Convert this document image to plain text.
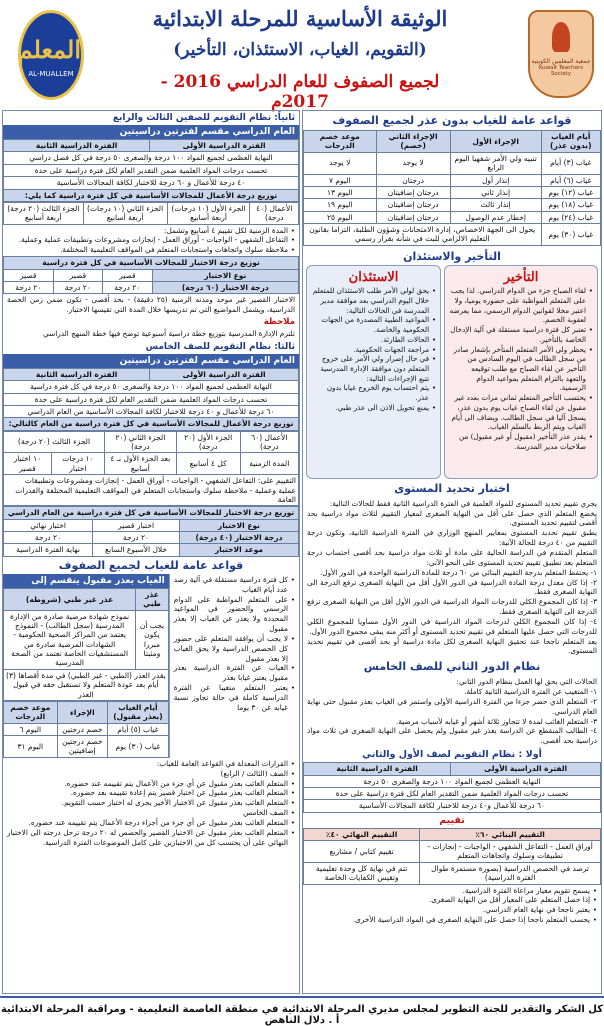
جمعية المعلمين الكويتية
Kuwait Teachers Society
الوثيقة الأساسية للمرحلة الابتدائية
(التقويم، الغياب، الاستئذان، التأخير)
لجميع الصفوف للعام الدراسي 2016 - 2017م
المعلم
AL-MUALLEM
قواعد عامة للغياب بدون عذر لجميع الصفوف
أيام الغياب (بدون عذر)	الإجراء الأول	الإجراء الثاني (خصم)	موعد خصم الدرجات
غياب (٣) أيام	تنبيه ولي الأمر شفهيا اليوم الرابع	لا يوجد	لا يوجد
غياب (٦) أيام	إنذار أول	درجتان	اليوم ٧
غياب (١٢) يوم	إنذار ثاني	درجتان إضافيتان	اليوم ١٣
غياب (١٨) يوم	إنذار ثالث	درجتان إضافيتان	اليوم ١٩
غياب (٢٤) يوم	إخطار عدم الوصول	درجتان إضافيتان	اليوم ٢٥
غياب (٣٠) يوم	يحول الى الجهة الاخصاص، إدارة الامتحانات وشؤون الطلبة، التزاما بقانون التعليم الالزامي للبت في شأنه بقرار رسمي		
التأخير والاستئذان
التأخير
• لقاء الصباح جزء من الدوام الدراسي. لذا يجب على المتعلم المواظبة على حضوره يوميا، ولا اعتبر مخلا لقوانين الدوام الرسمي، مما يعرضه لعقوبة الخصم.
• تعتبر كل فترة دراسية مستقلة في آلية الإدخال الخاصة بالتأخير.
• يحظر ولي الأمر المتعلم المتأخر بإشعار صادر من سجل الطالب في اليوم السادس من التأخير عن لقاء الصباح مع طلب توقيعه والتعهد بالتزام المتعلم بمواعيد الدوام الرسمية.
• يحتسب التأخير المتعلم ثماني مرات بعدد غير مقبول عن لقاء الصباح غياب يوم بدون عذر، يسجل آليا في سجل الطالب. ويضاف الى أيام الغياب ويتم الربط بالسلم الغياب.
• يقدر عذر التأخير (مقبول أو غير مقبول) من صلاحيات مدير المدرسة.
الاستئذان
• يحق لولي الأمر طلب الاستئذان للمتعلم خلال اليوم الدراسي بعد موافقة مدير المدرسة في الحالات التالية:
• المواعيد الطبية المصدرة من الجهات الحكومية والخاصة.
• الحالات الطارئة.
• مراجعة الجهات الحكومية.
• في حال إصرار ولي الأمر على خروج المتعلم دون موافقة الإدارة المدرسية تتبع الإجراءات التالية:
• يتم احتساب يوم الخروج غيابا بدون عذر.
• يمنع تحويل الاذن الى عذر طبي.
اختبار تحديد المستوى
يجري تقييم تحديد المستوى للمواد العلمية في الفترة الدراسية الثانية فقط للحالات التالية:
يخضع المتعلم الذي حصل على أقل من النهاية الصغرى لمعيار التقييم لثلاث مواد دراسية بحد أقصى لتقييم تحديد المستوى.
يطبق تقييم تحديد المستوى بمعايير المنهج الوزاري في الفترة الدراسية الثانية، وتكون درجة التقييم من ٤٠ درجة للحالة الآتية:
المتعلم المتقدم في الدراسة الحالية على مادة أو ثلاث مواد دراسية بحد أقصى احتساب درجة المتعلم بعد تطبيق تقييم تحديد المستوى على النحو الآتي:
١- يحتفظ المتعلم بدرجة التقييم البنائي من ٦٠ درجة للمادة الدراسية الواحدة في الدور الأول.
٢- إذا كان معدل درجة المادة الدراسية في الدور الأول أقل من النهاية الصغرى ترفع الدرجة الى النهاية الصغرى فقط.
٣- إذا كان المجموع الكلي للدرجات المواد الدراسية في الدور الأول أقل من النهاية الصغرى ترفع الدرجة الى النهاية الصغرى فقط.
٤- إذا كان المجموع الكلي لدرجات المواد الدراسية في الدور الأول مساويا للمجموع الكلي للدرجات التي حصل عليها المتعلم في تقييم تحديد المستوى أو أكثر منه يبقى مجموع الدور الأول.
يعد المتعلم ناجحا عند تحقيق النهاية الصغرى لكل مادة دراسية أو بحد أقصى في تقييم تحديد المستوى.
نظام الدور الثاني للصف الخامس
الحالات التي يحق لها العمل بنظام الدور الثاني:
١- المتغيب عن الفترة الدراسية الثانية كاملة.
٢- المتعلم الذي حضر جزءا من الفترة الدراسية الأولى واستمر في الغياب بعذر مقبول حتى نهاية العام الدراسي.
٣- المتعلم الغائب لمدة لا تتجاوز ثلاثة أشهر أو غيابه لأسباب مرضية.
٤- الطالب المنقطع عن الدراسة بعذر غير مقبول ولم يحصل على النهاية الصغرى في ثلاث مواد دراسية بحد أقصى.
أولا : نظام التقويم لصف الأول والثاني
الفترة الدراسية الأولى	الفترة الدراسية الثانية
النهاية العظمى لجميع المواد ١٠٠ درجة والصغرى ٥٠ درجة
تحسب درجات المواد العلمية ضمن التقدير العام لكل فترة دراسية على حدة
٦٠ درجة للأعمال و٤٠ درجة للاختبار لكافة المجالات الأساسية
تقييم
التقييم البنائي ٦٠٪	التقييم النهائي ٤٠٪
أوراق العمل - التفاعل الشفهي - الواجبات - إنجازات - تطبيقات وسلوك واتجاهات المتعلم	تقييم كتابي / مشاريع
ترصد في الحصص الدراسية (بصورة مستمرة طوال الفترة الدراسية)	تتم في نهاية كل وحدة تعليمية وتقيس الكفايات الخاصة
• يسمح تقويم معيار مراعاة الفترة الدراسية.
• إذا حصل المتعلم على المعيار أقل من النهاية الصغرى.
• يعتبر ناجحا في نهاية العام الدراسي.
• يحسب المتعلم ناجحا إذا حصل على النهاية الصغرى في المواد الدراسية الأخرى.
ثانياً: نظام التقويم للصفين الثالث والرابع
العام الدراسي مقسم لفترتين دراسيتين
الفترة الدراسية الأولى	الفترة الدراسية الثانية
النهاية العظمى لجميع المواد ١٠٠ درجة والصغرى ٥٠ درجة في كل فصل دراسي
تحسب درجات المواد العلمية ضمن التقدير العام لكل فترة دراسية على حدة
٤٠ درجة للأعمال و ٦٠ درجة للاختبار لكافة المجالات الأساسية
توزيع درجة الأعمال للمجالات الأساسية في كل فترة دراسية كما يلي:
الأعمال (٤٠ درجة)	الجزء الأول (١٠ درجات) أربعة أسابيع	الجزء الثاني (١٠ درجات) أربعة أسابيع	الجزء الثالث (٢٠ درجة) أربعة أسابيع
• المدة الزمنية لكل تقييم ٤ أسابيع وتشمل:
• التفاعل الشفهي - الواجبات - أوراق العمل - إنجازات ومشروعات وتطبيقات عملية وعملية.
• ملاحظة سلوك واتجاهات واستجابات المتعلم في المواقف التعليمية المختلفة.
توزيع درجة الاختبار للمجالات الأساسية في كل فترة دراسية			
نوع الاختبار	قصير	قصير	قصير
درجة الاختبار (٦٠ درجة)	٢٠ درجة	٢٠ درجة	٢٠ درجة
الاختبار القصير غير موحد ومدته الزمنية (٢٥ دقيقة) - بحد أقصى - تكون ضمن زمن الحصة الدراسية، ويشمل المواضيع التي تم تدريسها خلال المدة التي تقيسها الاختبار.
ملاحظة
تلتزم الإدارة المدرسية بتوزيع خطة دراسية أسبوعية توضح فيها خطة المنهج الدراسي
ثالثا: نظام التقويم للصف الخامس
العام الدراسي مقسم لفترتين دراسيتين
الفترة الدراسية الأولى	الفترة الدراسية الثانية
النهاية العظمى لجميع المواد ١٠٠ درجة والصغرى ٥٠ درجة في كل فترة دراسية
تحسب درجات المواد العلمية ضمن التقدير العام لكل فترة دراسية على حدة
٦٠ درجة للأعمال و ٤٠ درجة للاختبار لكافة المجالات الأساسية من العام الدراسي
توزيع درجة الأعمال للمجالات الأساسية في كل فترة دراسية من العام كالتالي:
الأعمال (٦٠ درجة)	الجزء الأول (٢٠ درجة)	الجزء الثاني (٢٠ درجة)	الجزء الثالث (٢٠ درجة)	
المدة الزمنية	كل ٤ أسابيع	بعد الجزء الأول بـ ٤ أسابيع	١٠ درجات اختبار	١٠ اختبار قصير
التقييم على: التفاعل الشفهي - الواجبات - أوراق العمل - إنجازات ومشروعات وتطبيقات عملية وعملية - ملاحظة سلوك واستجابات المتعلم في المواقف التعليمية المختلفة والقدرات العامة				
توزيع درجة الاختبار للمجالات الأساسية في كل فترة دراسية من العام الدراسي		
نوع الاختبار	اختبار قصير	اختبار نهائي
درجة الاختبار (٤٠ درجة)	٢٠ درجة	٢٠ درجة
موعد الاختبار	خلال الأسبوع السابع	نهاية الفترة الدراسية
قواعد عامة للغياب لجميع الصفوف
• كل فترة دراسية مستقلة في آلية رصد عدد أيام الغياب
• على المتعلم المواظبة على الدوام الرسمي والحضور في المواعيد المحددة ولا يعذر عن الغياب إلا بعذر مقبول
• لا يجب أن يوافقه المتعلم على حضور كل الحصص الدراسية ولا يحق الغياب إلا بعذر مقبول
• الغياب عن الفترة الدراسية بعذر مقبول يعتبر غيابا بعذر
• يعتبر المتعلم متغيبا عن الفترة الدراسية كاملة في حالة تجاوز نسبة غيابه عن ٣٠ يوما
الغياب بعذر مقبول ينقسم إلى
عذر طبي	عذر غير طبي (شروطه)
يجب أن يكون مبررا ومثبتا	نموذج شهادة مرضية صادرة من الإدارة المدرسية (سجل الطالب) - النموذج يعتمد من المراكز الصحية الحكومية - الشهادات المرضية صادرة من المستشفيات الخاصة تعتمد من الصحة المدرسية
يقدر العذر (الطبي - غير الطبي) في مدة أقصاها (٣) أيام بعد عودة المتعلم ولا تستقبل حقه في قبول العذر	
أيام الغياب (بعذر مقبول)	الإجراء	موعد خصم الدرجات
غياب (٥) أيام	خصم درجتين	اليوم ٦
غياب (٣٠) يوم	خصم درجتين إضافيتين	اليوم ٣١
• القرارات المعدلة في القواعد العامة للغياب:
• الصف (الثالث / الرابع)
• المتعلم الغائب بعذر مقبول عن أي جزء من الأعمال يتم تقييمه عند حضوره.
• المتعلم الغائب بعذر مقبول عن اختبار قصير يتم إعادة تقييمه بعد حضوره.
• المتعلم الغائب بعذر مقبول عن الاختبار الأخير يجرى له اختبار حسب التقويم.
• الصف الخامس
• المتعلم الغائب بعذر مقبول عن أي جزء من أجزاء درجة الأعمال يتم تقييمه عند حضوره.
• المتعلم الغائب بعذر مقبول عن الاختبار القصير والحصص له ٢٠ درجة ترحل درجته الى الاختبار النهائي على أن يحتسب كل من الاختبارين على كامل الموضوعات الفترة الدراسية.
كل الشكر والتقدير للجنة التطوير لمجلس مديري المرحلة الابتدائية في منطقة العاصمة التعليمية - ومراقبة المرحلة الابتدائية أ . دلال الناهض
